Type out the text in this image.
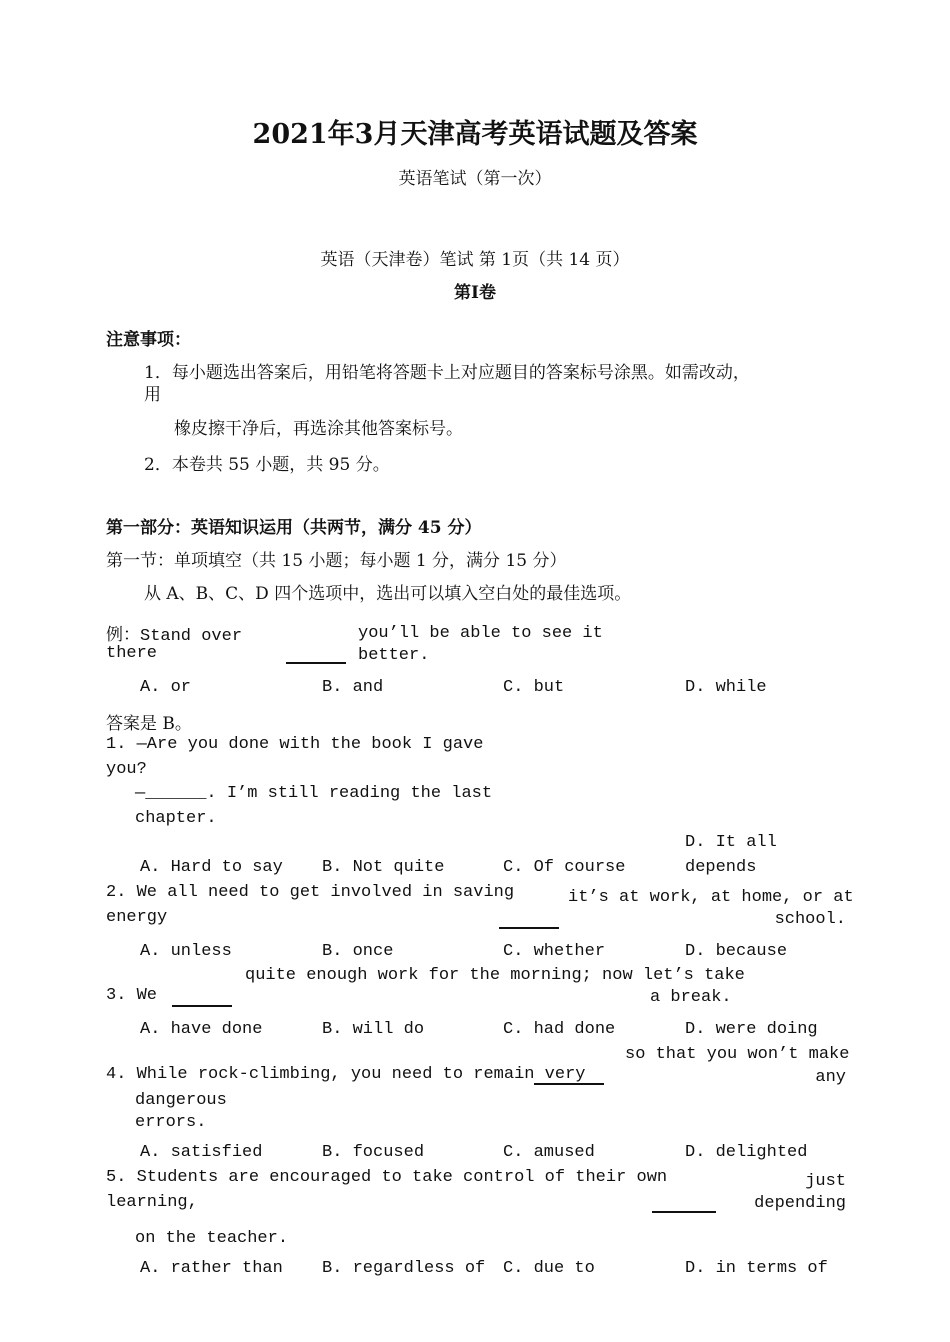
2021年3月天津高考英语试题及答案
英语笔试（第一次）
英语（天津卷）笔试 第 1页（共 14 页）
第Ⅰ卷
注意事项：
1．每小题选出答案后，用铅笔将答题卡上对应题目的答案标号涂黑。如需改动，
用
橡皮擦干净后，再选涂其他答案标号。
2．本卷共 55 小题，共 95 分。
第一部分：英语知识运用（共两节，满分 45 分）
第一节：单项填空（共 15 小题；每小题 1 分，满分 15 分）
从 A、B、C、D 四个选项中，选出可以填入空白处的最佳选项。
例：Stand over
there
you’ll be able to see it
better.
A. or	B. and	C. but	D. while
答案是 B。
1. —Are you done with the book I gave
you?
—______. I’m still reading the last
chapter.
A. Hard to say B. Not quite	C. Of course
D. It all
depends
2. We all need to get involved in saving
energy
it’s at work, at home, or at
school.
A. unless	B. once	C. whether	D. because
quite enough work for the morning; now let’s take
3. We	a break.
A. have done	B. will do	C. had done	D. were doing
so that you won’t make
4. While rock-climbing, you need to remain very	any
dangerous
errors.
A. satisfied	B. focused	C. amused	D. delighted
5. Students are encouraged to take control of their own
learning,
just
depending
on the teacher.
A. rather than B. regardless of C. due to	D. in terms of
